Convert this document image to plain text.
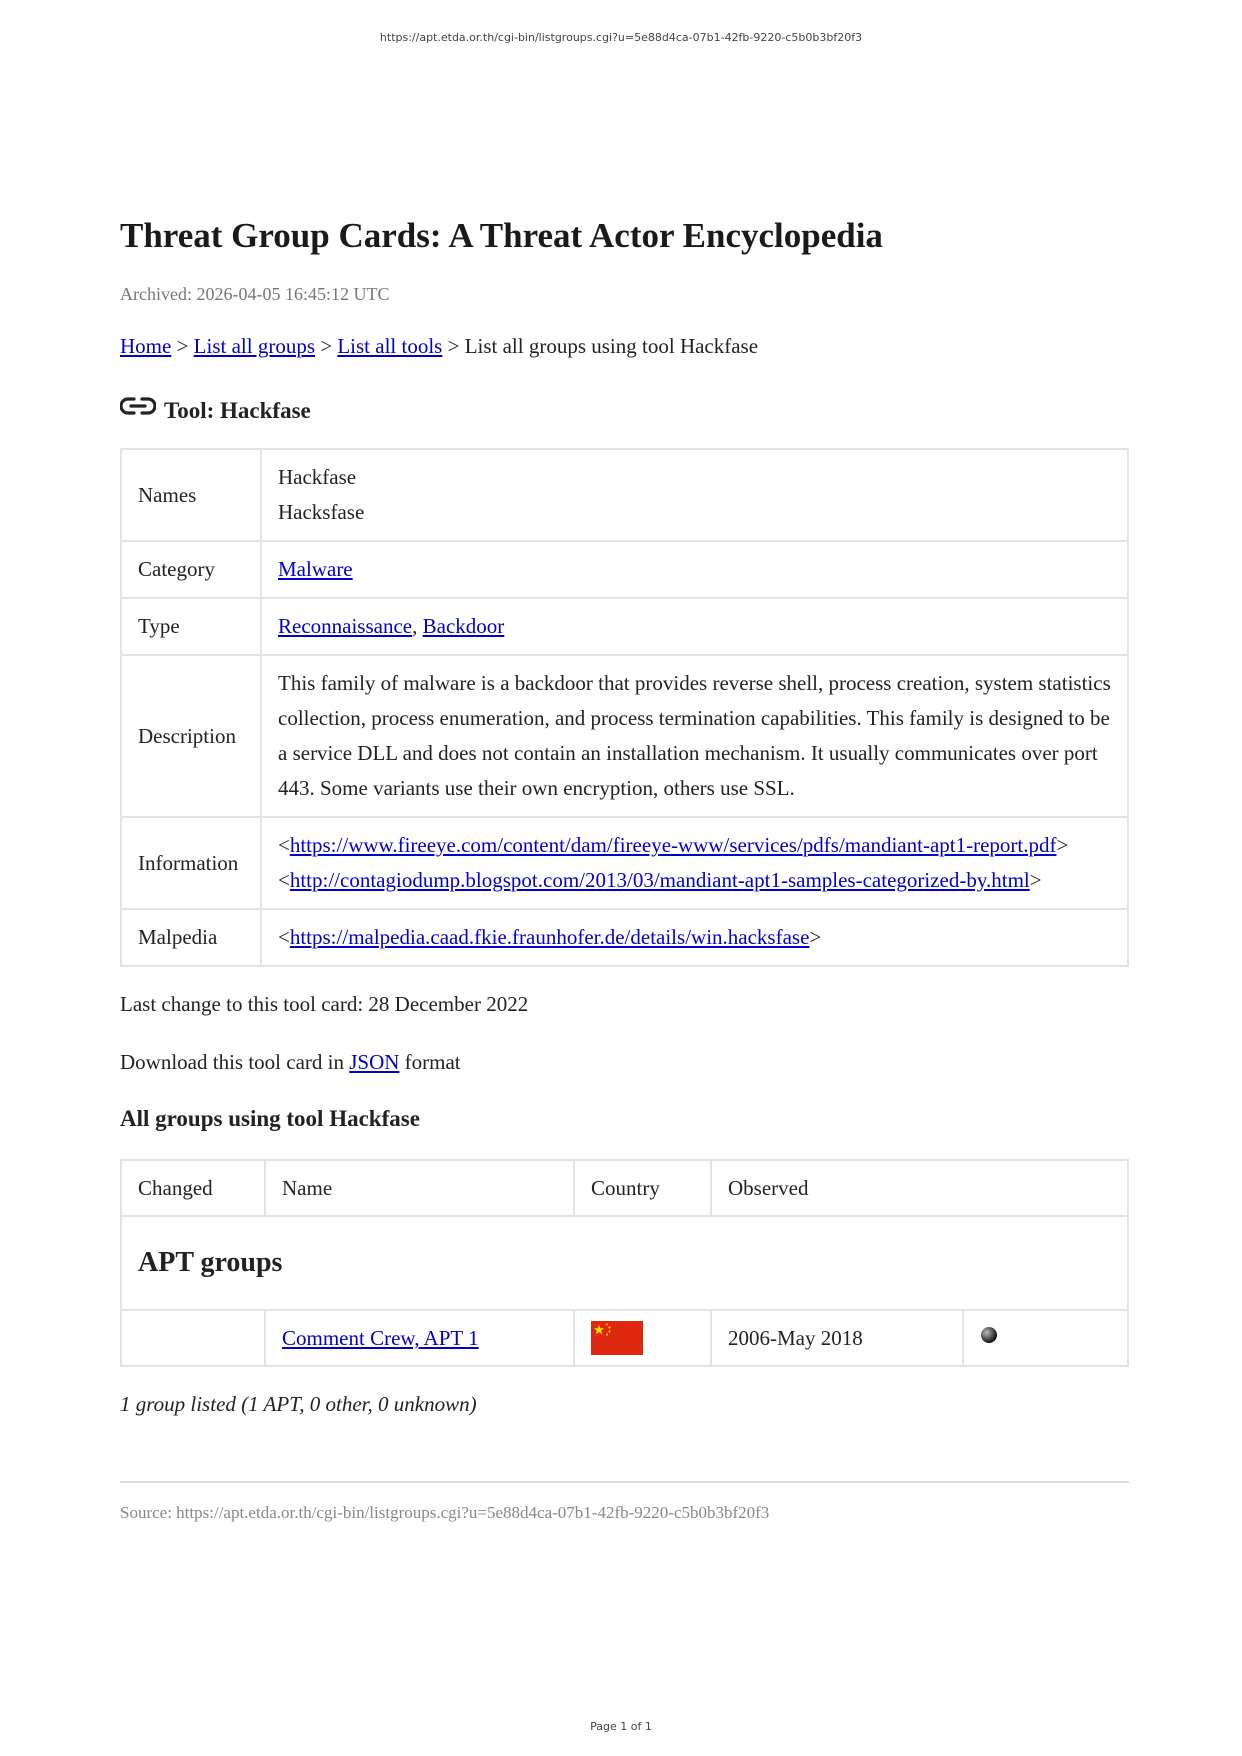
https://apt.etda.or.th/cgi-bin/listgroups.cgi?u=5e88d4ca-07b1-42fb-9220-c5b0b3bf20f3
Threat Group Cards: A Threat Actor Encyclopedia
Archived: 2026-04-05 16:45:12 UTC
Home > List all groups > List all tools > List all groups using tool Hackfase
Tool: Hackfase
Names	Hackfase
Hacksfase

Category	Malware
Type	Reconnaissance, Backdoor
Description	This family of malware is a backdoor that provides reverse shell, process creation, system statistics collection, process enumeration, and process termination capabilities. This family is designed to be a service DLL and does not contain an installation mechanism. It usually communicates over port 443. Some variants use their own encryption, others use SSL.
Information	<https://www.fireeye.com/content/dam/fireeye-www/services/pdfs/mandiant-apt1-report.pdf>
<http://contagiodump.blogspot.com/2013/03/mandiant-apt1-samples-categorized-by.html>

Malpedia	<https://malpedia.caad.fkie.fraunhofer.de/details/win.hacksfase>
Last change to this tool card: 28 December 2022
Download this tool card in JSON format
All groups using tool Hackfase
Changed	Name	Country	Observed	
APT groups				
	Comment Crew, APT 1		2006-May 2018	
1 group listed (1 APT, 0 other, 0 unknown)
Source: https://apt.etda.or.th/cgi-bin/listgroups.cgi?u=5e88d4ca-07b1-42fb-9220-c5b0b3bf20f3
Page 1 of 1
